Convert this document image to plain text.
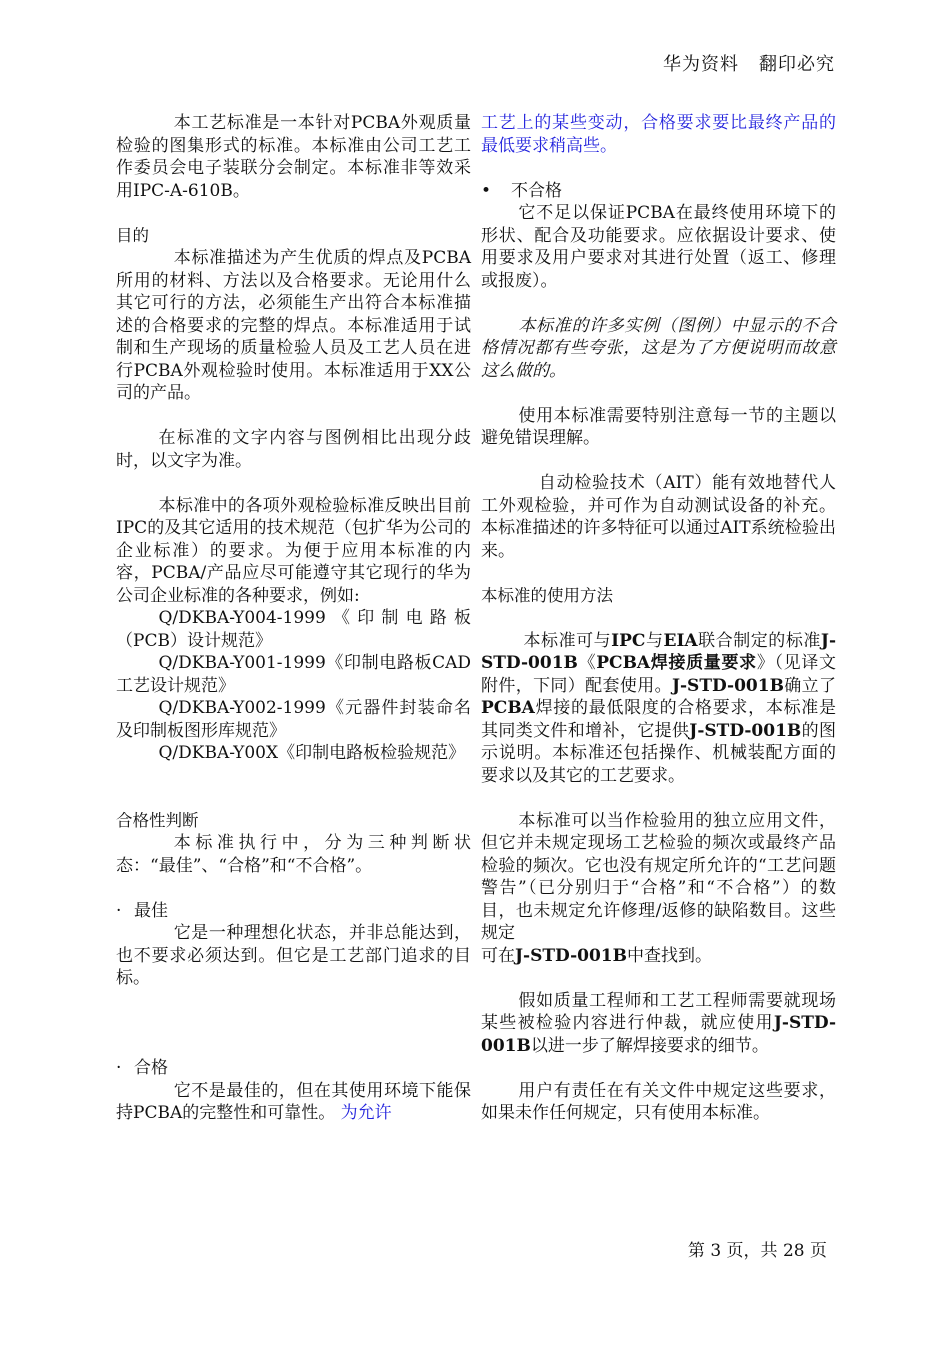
华为资料 翻印必究

本工艺标准是一本针对PCBA外观质量检验的图集形式的标准。本标准由公司工艺工作委员会电子装联分会制定。本标准非等效采用IPC-A-610B。

目的

本标准描述为产生优质的焊点及PCBA所用的材料、方法以及合格要求。无论用什么其它可行的方法，必须能生产出符合本标准描述的合格要求的完整的焊点。本标准适用于试制和生产现场的质量检验人员及工艺人员在进行PCBA外观检验时使用。本标准适用于XX公司的产品。

在标准的文字内容与图例相比出现分歧时，以文字为准。

本标准中的各项外观检验标准反映出目前IPC的及其它适用的技术规范（包扩华为公司的企业标准）的要求。为便于应用本标准的内容，PCBA/产品应尽可能遵守其它现行的华为公司企业标准的各种要求，例如:

Q/DKBA-Y004-1999《印制电路板（PCB）设计规范》

Q/DKBA-Y001-1999《印制电路板CAD工艺设计规范》

Q/DKBA-Y002-1999《元器件封装命名及印制板图形库规范》

Q/DKBA-Y00X《印制电路板检验规范》

合格性判断

本标准执行中，分为三种判断状态：“最佳”、“合格”和“不合格”。

· 最佳

它是一种理想化状态，并非总能达到，也不要求必须达到。但它是工艺部门追求的目标。

· 合格

它不是最佳的，但在其使用环境下能保持PCBA的完整性和可靠性。 为允许

工艺上的某些变动，合格要求要比最终产品的最低要求稍高些。

• 不合格

它不足以保证PCBA在最终使用环境下的形状、配合及功能要求。应依据设计要求、使用要求及用户要求对其进行处置（返工、修理或报废）。

本标准的许多实例（图例）中显示的不合格情况都有些夸张，这是为了方便说明而故意这么做的。

使用本标准需要特别注意每一节的主题以避免错误理解。

自动检验技术（AIT）能有效地替代人工外观检验，并可作为自动测试设备的补充。本标准描述的许多特征可以通过AIT系统检验出来。

本标准的使用方法

本标准可与IPC与EIA联合制定的标准J-STD-001B《PCBA焊接质量要求》（见译文附件，下同）配套使用。J-STD-001B确立了PCBA焊接的最低限度的合格要求，本标准是其同类文件和增补，它提供J-STD-001B的图示说明。本标准还包括操作、机械装配方面的要求以及其它的工艺要求。

本标准可以当作检验用的独立应用文件，但它并未规定现场工艺检验的频次或最终产品检验的频次。它也没有规定所允许的“工艺问题警告”（已分别归于“合格”和“不合格”）的数目，也未规定允许修理/返修的缺陷数目。这些规定
可在J-STD-001B中查找到。

假如质量工程师和工艺工程师需要就现场某些被检验内容进行仲裁，就应使用J-STD-001B以进一步了解焊接要求的细节。

用户有责任在有关文件中规定这些要求，如果未作任何规定，只有使用本标准。

第 3 页，共 28 页
